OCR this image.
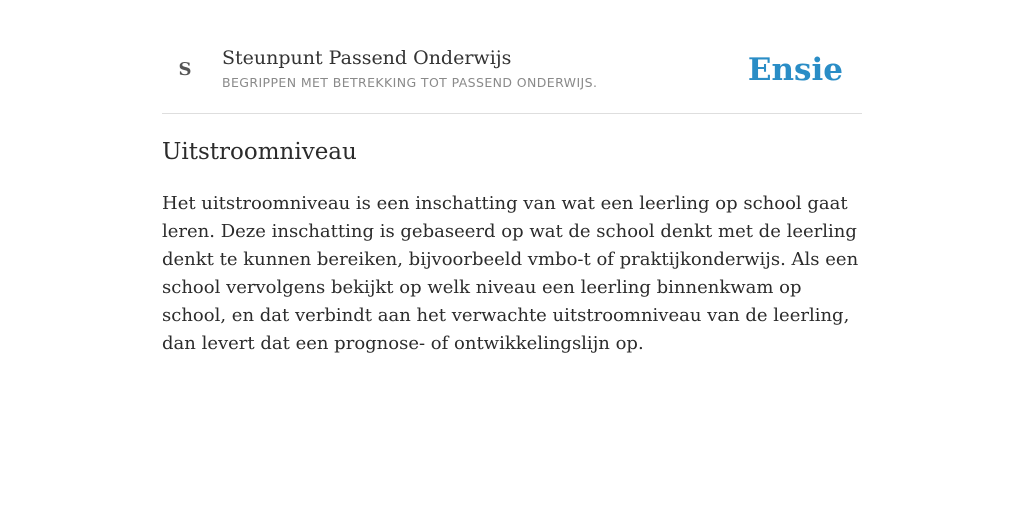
S
Steunpunt Passend Onderwijs
BEGRIPPEN MET BETREKKING TOT PASSEND ONDERWIJS.	Ensie
Uitstroomniveau

Het uitstroomniveau is een inschatting van wat een leerling op school gaat leren. Deze inschatting is gebaseerd op wat de school denkt met de leerling denkt te kunnen bereiken, bijvoorbeeld vmbo-t of praktijkonderwijs. Als een school vervolgens bekijkt op welk niveau een leerling binnenkwam op school, en dat verbindt aan het verwachte uitstroomniveau van de leerling, dan levert dat een prognose- of ontwikkelingslijn op.
